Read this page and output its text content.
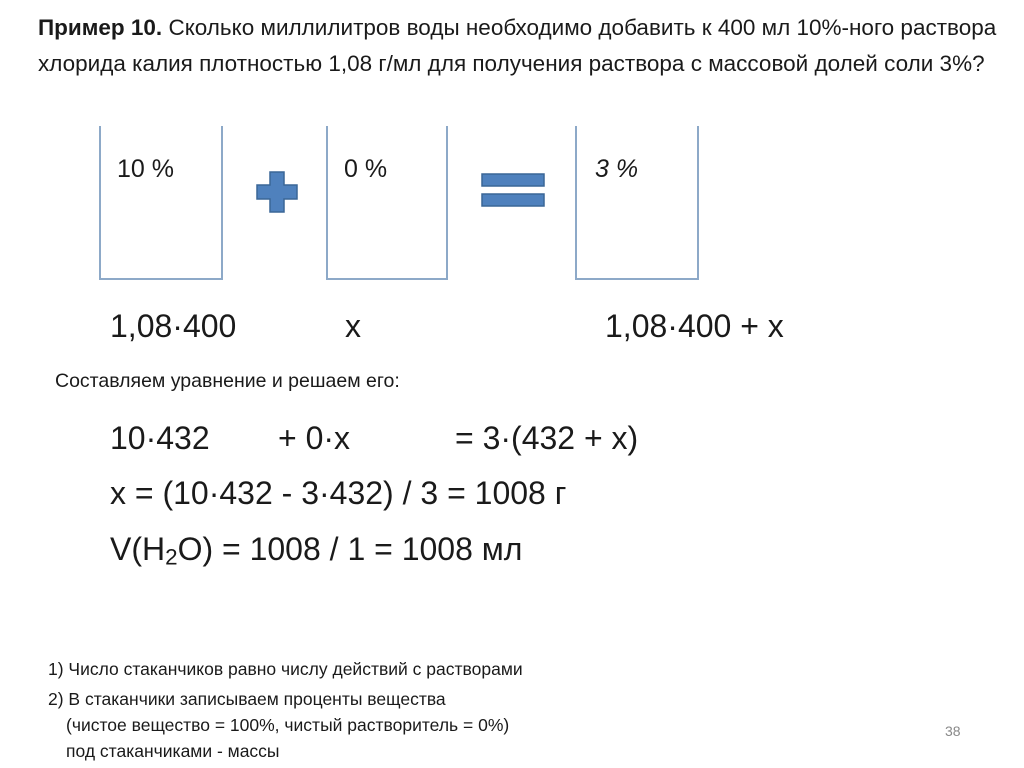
Пример 10. Сколько миллилитров воды необходимо добавить к 400 мл 10%-ного раствора хлорида калия плотностью 1,08 г/мл для получения раствора с массовой долей соли 3%?
10 %	0 %	3 %
1,08·400	x	1,08·400 + x
Составляем уравнение и решаем его:
10·432 + 0·x	= 3·(432 + x)
x = (10·432 - 3·432) / 3 = 1008 г
$V(H_2O) = 1008 / 1 = 1008$ мл
1) Число стаканчиков равно числу действий с растворами
2) В стаканчики записываем проценты вещества
(чистое вещество = 100%, чистый растворитель = 0%)
под стаканчиками - массы
38
